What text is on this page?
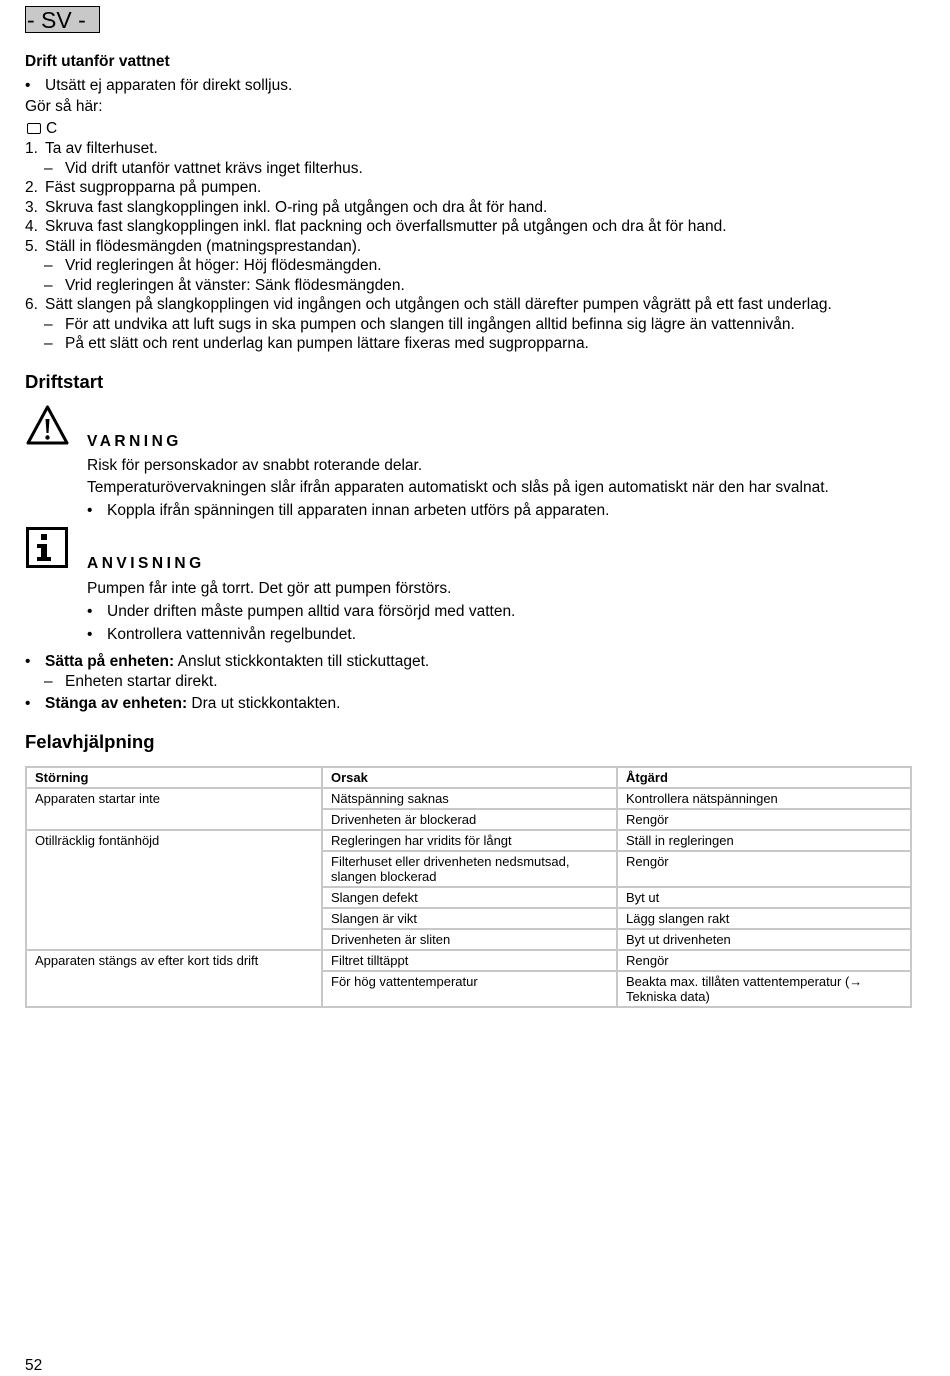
- SV -
Drift utanför vattnet
• Utsätt ej apparaten för direkt solljus.
Gör så här:
C
1. Ta av filterhuset.
– Vid drift utanför vattnet krävs inget filterhus.
2. Fäst sugpropparna på pumpen.
3. Skruva fast slangkopplingen inkl. O-ring på utgången och dra åt för hand.
4. Skruva fast slangkopplingen inkl. flat packning och överfallsmutter på utgången och dra åt för hand.
5. Ställ in flödesmängden (matningsprestandan).
– Vrid regleringen åt höger: Höj flödesmängden.
– Vrid regleringen åt vänster: Sänk flödesmängden.
6. Sätt slangen på slangkopplingen vid ingången och utgången och ställ därefter pumpen vågrätt på ett fast underlag.
– För att undvika att luft sugs in ska pumpen och slangen till ingången alltid befinna sig lägre än vattennivån.
– På ett slätt och rent underlag kan pumpen lättare fixeras med sugpropparna.
Driftstart
VARNING
Risk för personskador av snabbt roterande delar.
Temperaturövervakningen slår ifrån apparaten automatiskt och slås på igen automatiskt när den har svalnat.
• Koppla ifrån spänningen till apparaten innan arbeten utförs på apparaten.
ANVISNING
Pumpen får inte gå torrt. Det gör att pumpen förstörs.
• Under driften måste pumpen alltid vara försörjd med vatten.
• Kontrollera vattennivån regelbundet.
• Sätta på enheten: Anslut stickkontakten till stickuttaget.
– Enheten startar direkt.
• Stänga av enheten: Dra ut stickkontakten.
Felavhjälpning
Störning	Orsak	Åtgärd
Apparaten startar inte	Nätspänning saknas	Kontrollera nätspänningen
	Drivenheten är blockerad	Rengör
Otillräcklig fontänhöjd	Regleringen har vridits för långt	Ställ in regleringen
	Filterhuset eller drivenheten nedsmutsad, slangen blockerad	Rengör
	Slangen defekt	Byt ut
	Slangen är vikt	Lägg slangen rakt
	Drivenheten är sliten	Byt ut drivenheten
Apparaten stängs av efter kort tids drift	Filtret tilltäppt	Rengör
	För hög vattentemperatur	Beakta max. tillåten vattentemperatur (→ Tekniska data)
52
